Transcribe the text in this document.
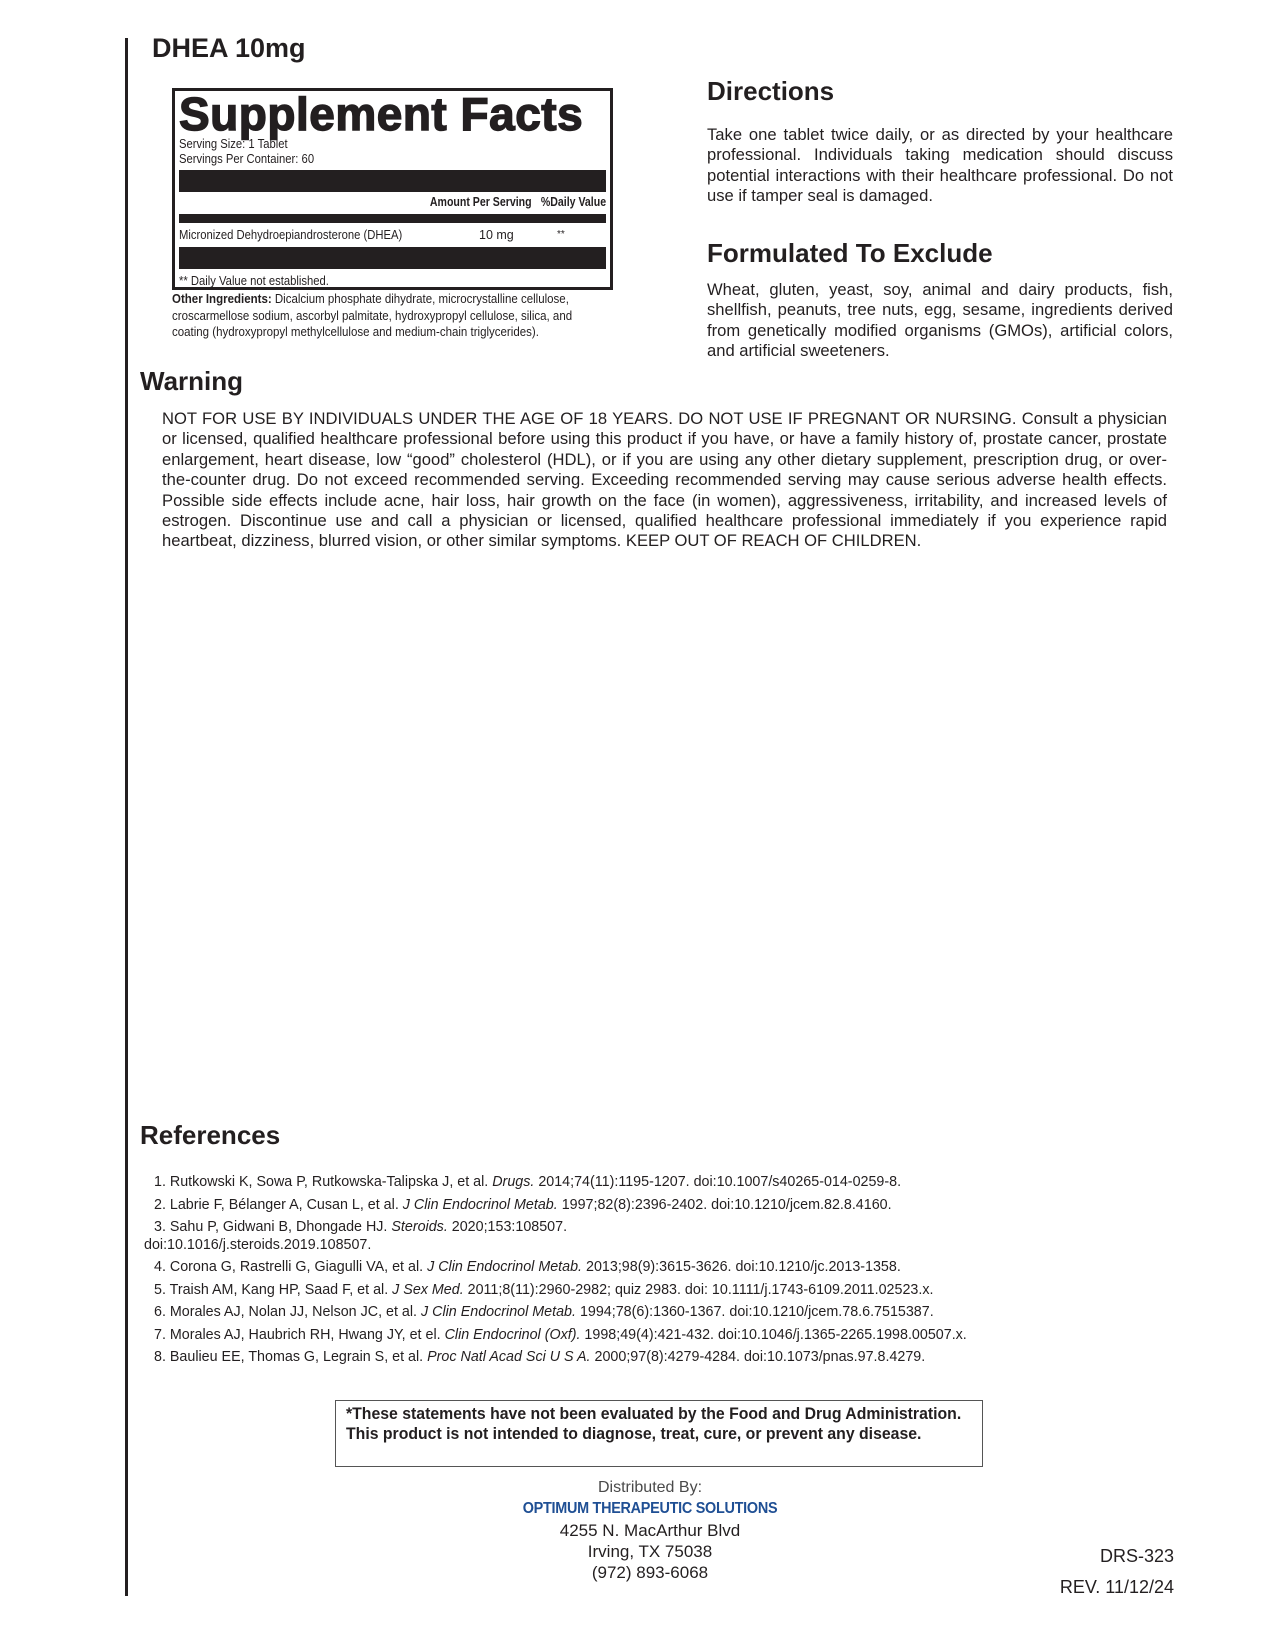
DHEA 10mg
Supplement Facts
Serving Size: 1 Tablet
Servings Per Container: 60
Amount Per Serving %Daily Value
Micronized Dehydroepiandrosterone (DHEA)	10 mg	**
** Daily Value not established.
Other Ingredients: Dicalcium phosphate dihydrate, microcrystalline cellulose, croscarmellose sodium, ascorbyl palmitate, hydroxypropyl cellulose, silica, and coating (hydroxypropyl methylcellulose and medium-chain triglycerides).
Directions

Take one tablet twice daily, or as directed by your healthcare professional. Individuals taking medication should discuss potential interactions with their healthcare professional. Do not use if tamper seal is damaged.

Formulated To Exclude

Wheat, gluten, yeast, soy, animal and dairy products, fish, shellfish, peanuts, tree nuts, egg, sesame, ingredients derived from genetically modified organisms (GMOs), artificial colors, and artificial sweeteners.

Warning

NOT FOR USE BY INDIVIDUALS UNDER THE AGE OF 18 YEARS. DO NOT USE IF PREGNANT OR NURSING. Consult a physician or licensed, qualified healthcare professional before using this product if you have, or have a family history of, prostate cancer, prostate enlargement, heart disease, low “good” cholesterol (HDL), or if you are using any other dietary supplement, prescription drug, or over-the-counter drug. Do not exceed recommended serving. Exceeding recommended serving may cause serious adverse health effects. Possible side effects include acne, hair loss, hair growth on the face (in women), aggressiveness, irritability, and increased levels of estrogen. Discontinue use and call a physician or licensed, qualified healthcare professional immediately if you experience rapid heartbeat, dizziness, blurred vision, or other similar symptoms. KEEP OUT OF REACH OF CHILDREN.

References
1. Rutkowski K, Sowa P, Rutkowska-Talipska J, et al. Drugs. 2014;74(11):1195-1207. doi:10.1007/s40265-014-0259-8.
2. Labrie F, Bélanger A, Cusan L, et al. J Clin Endocrinol Metab. 1997;82(8):2396-2402. doi:10.1210/jcem.82.8.4160.
3. Sahu P, Gidwani B, Dhongade HJ. Steroids. 2020;153:108507.
doi:10.1016/j.steroids.2019.108507.
4. Corona G, Rastrelli G, Giagulli VA, et al. J Clin Endocrinol Metab. 2013;98(9):3615-3626. doi:10.1210/jc.2013-1358.
5. Traish AM, Kang HP, Saad F, et al. J Sex Med. 2011;8(11):2960-2982; quiz 2983. doi: 10.1111/j.1743-6109.2011.02523.x.
6. Morales AJ, Nolan JJ, Nelson JC, et al. J Clin Endocrinol Metab. 1994;78(6):1360-1367. doi:10.1210/jcem.78.6.7515387.
7. Morales AJ, Haubrich RH, Hwang JY, et el. Clin Endocrinol (Oxf). 1998;49(4):421-432. doi:10.1046/j.1365-2265.1998.00507.x.
8. Baulieu EE, Thomas G, Legrain S, et al. Proc Natl Acad Sci U S A. 2000;97(8):4279-4284. doi:10.1073/pnas.97.8.4279.
*These statements have not been evaluated by the Food and Drug Administration. This product is not intended to diagnose, treat, cure, or prevent any disease.
Distributed By:
OPTIMUM THERAPEUTIC SOLUTIONS
4255 N. MacArthur Blvd
Irving, TX 75038
(972) 893-6068
DRS-323
REV. 11/12/24
